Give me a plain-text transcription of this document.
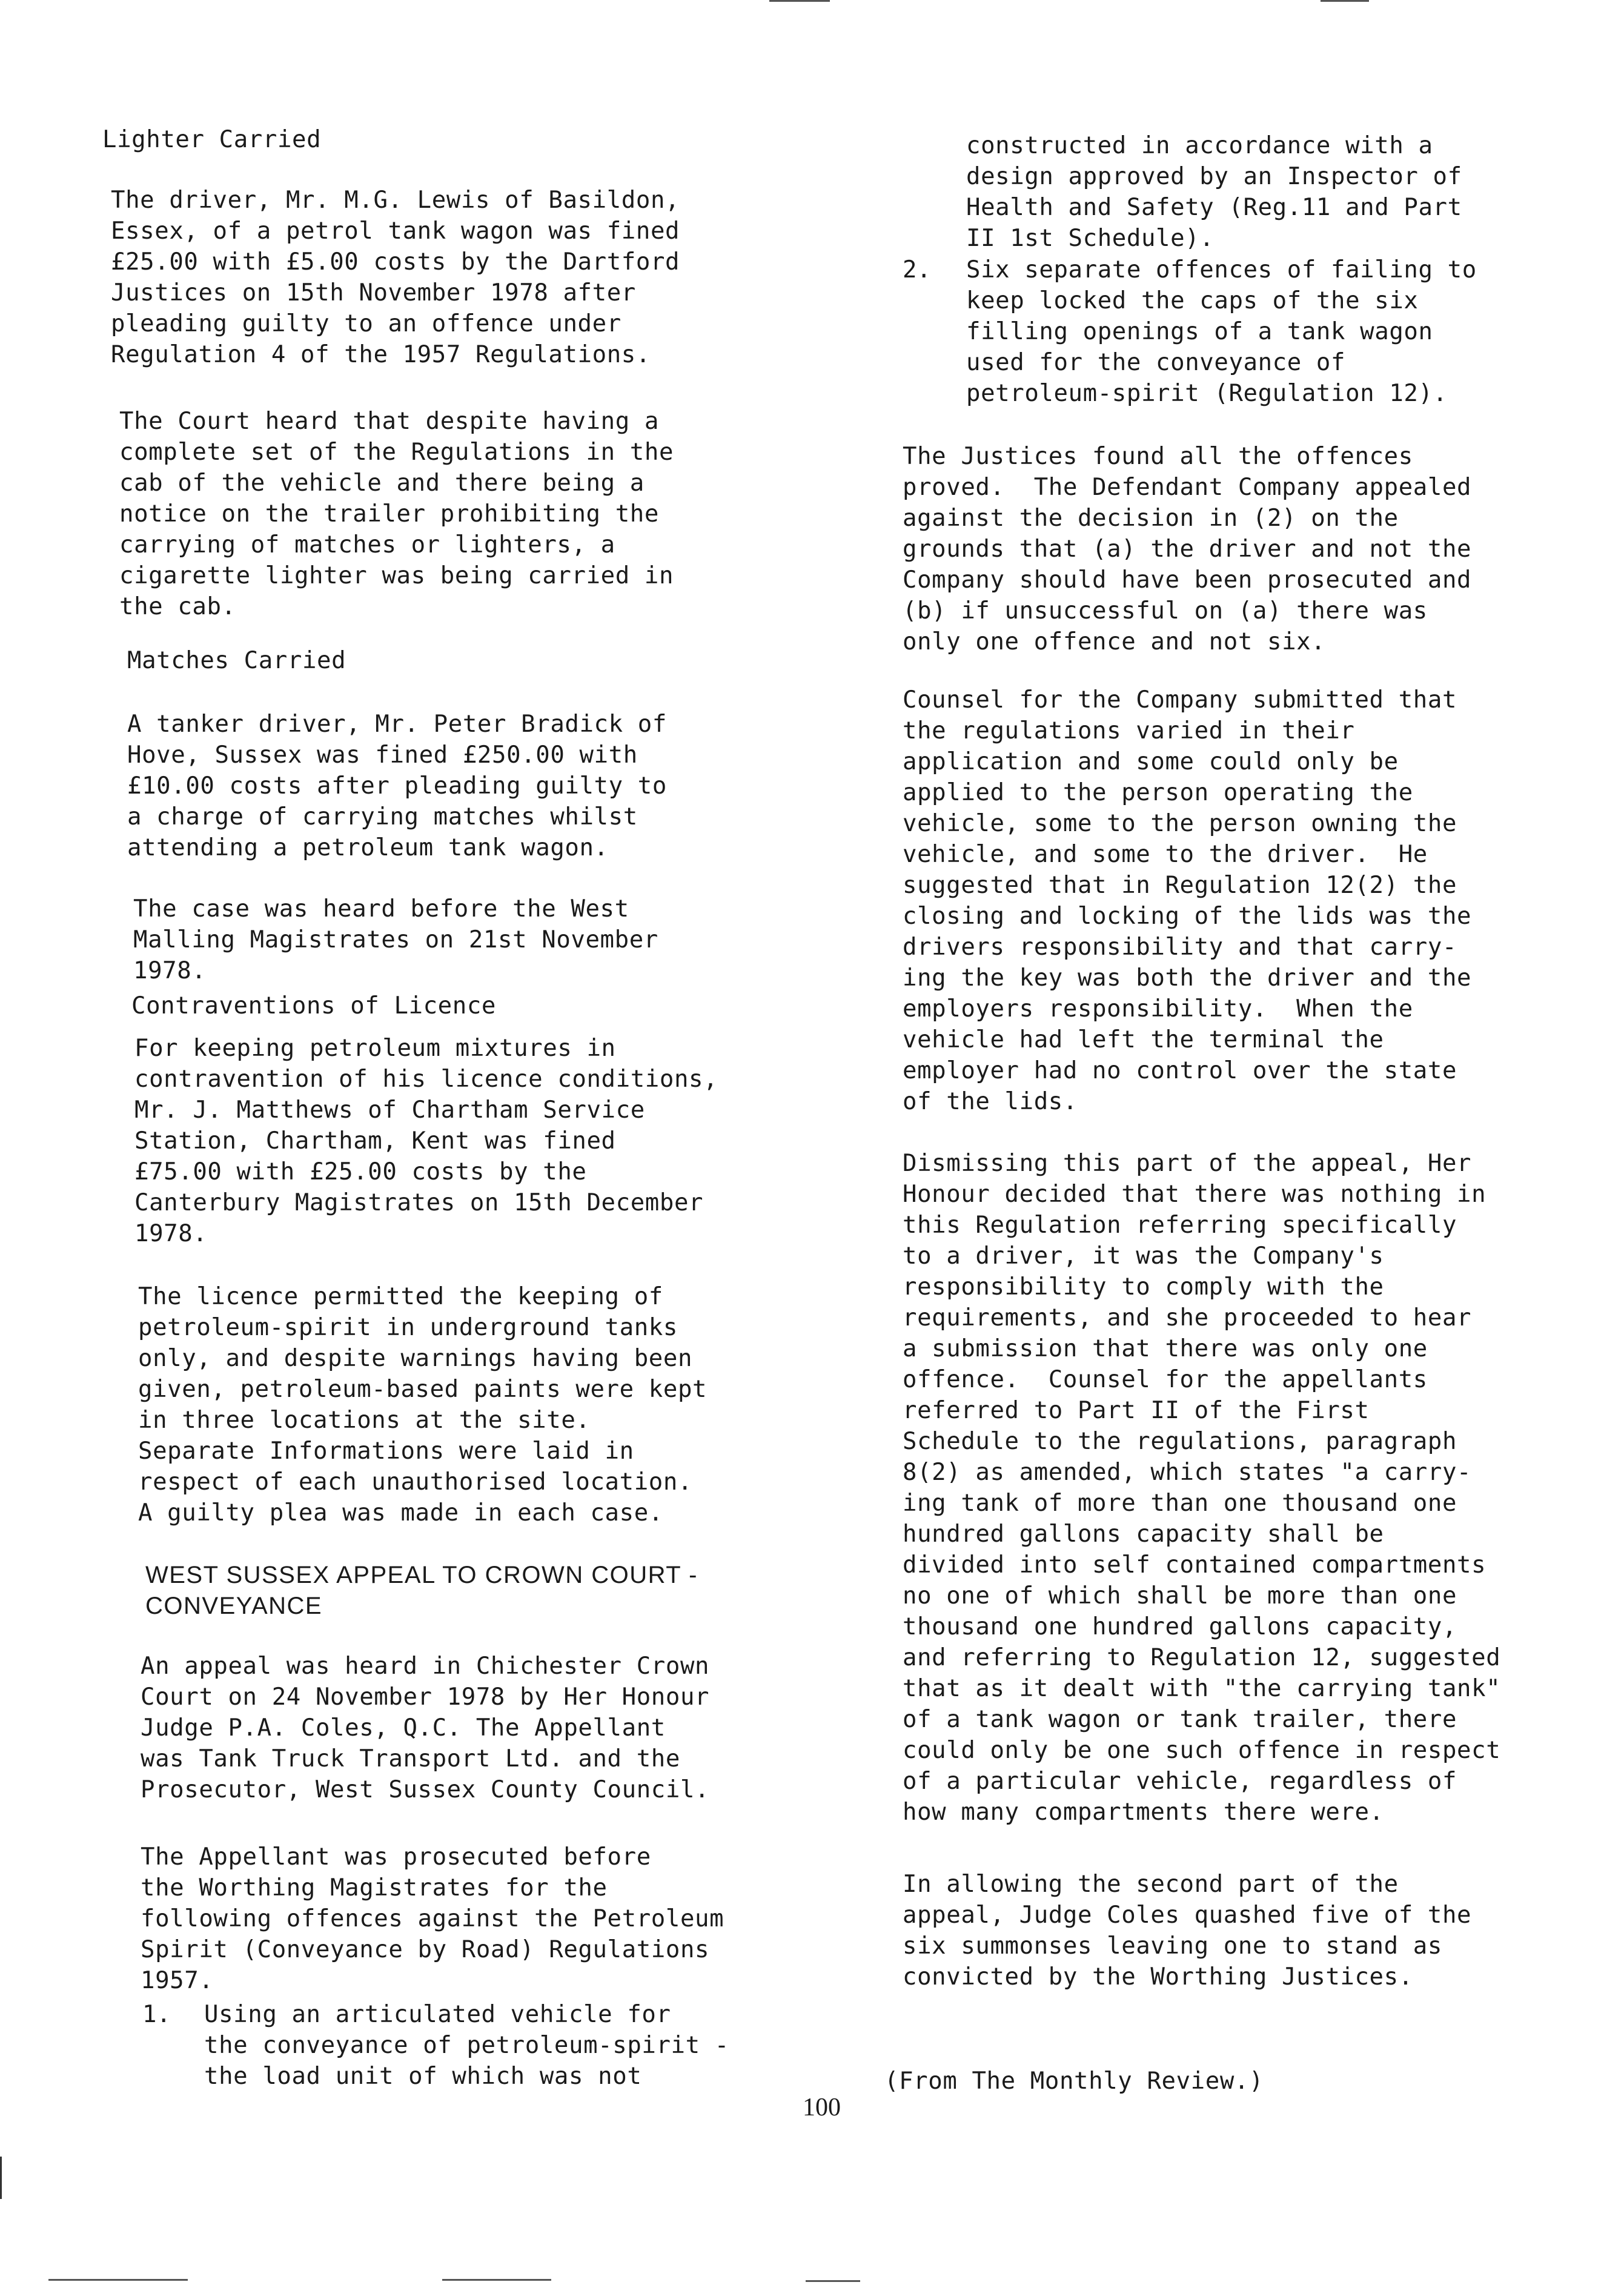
Lighter Carried
The driver, Mr. M.G. Lewis of Basildon,
Essex, of a petrol tank wagon was fined
£25.00 with £5.00 costs by the Dartford
Justices on 15th November 1978 after
pleading guilty to an offence under
Regulation 4 of the 1957 Regulations.
The Court heard that despite having a
complete set of the Regulations in the
cab of the vehicle and there being a
notice on the trailer prohibiting the
carrying of matches or lighters, a
cigarette lighter was being carried in
the cab.
Matches Carried
A tanker driver, Mr. Peter Bradick of
Hove, Sussex was fined £250.00 with
£10.00 costs after pleading guilty to
a charge of carrying matches whilst
attending a petroleum tank wagon.
The case was heard before the West
Malling Magistrates on 21st November
1978.
Contraventions of Licence
For keeping petroleum mixtures in
contravention of his licence conditions,
Mr. J. Matthews of Chartham Service
Station, Chartham, Kent was fined
£75.00 with £25.00 costs by the
Canterbury Magistrates on 15th December
1978.
The licence permitted the keeping of
petroleum-spirit in underground tanks
only, and despite warnings having been
given, petroleum-based paints were kept
in three locations at the site.
Separate Informations were laid in
respect of each unauthorised location.
A guilty plea was made in each case.
WEST SUSSEX APPEAL TO CROWN COURT -
CONVEYANCE
An appeal was heard in Chichester Crown
Court on 24 November 1978 by Her Honour
Judge P.A. Coles, Q.C. The Appellant
was Tank Truck Transport Ltd. and the
Prosecutor, West Sussex County Council.
The Appellant was prosecuted before
the Worthing Magistrates for the
following offences against the Petroleum
Spirit (Conveyance by Road) Regulations
1957.
1. Using an articulated vehicle for
the conveyance of petroleum-spirit -
the load unit of which was not
constructed in accordance with a
design approved by an Inspector of
Health and Safety (Reg.11 and Part
II 1st Schedule).
2. Six separate offences of failing to
keep locked the caps of the six
filling openings of a tank wagon
used for the conveyance of
petroleum-spirit (Regulation 12).
The Justices found all the offences
proved.  The Defendant Company appealed
against the decision in (2) on the
grounds that (a) the driver and not the
Company should have been prosecuted and
(b) if unsuccessful on (a) there was
only one offence and not six.
Counsel for the Company submitted that
the regulations varied in their
application and some could only be
applied to the person operating the
vehicle, some to the person owning the
vehicle, and some to the driver.  He
suggested that in Regulation 12(2) the
closing and locking of the lids was the
drivers responsibility and that carry-
ing the key was both the driver and the
employers responsibility.  When the
vehicle had left the terminal the
employer had no control over the state
of the lids.
Dismissing this part of the appeal, Her
Honour decided that there was nothing in
this Regulation referring specifically
to a driver, it was the Company's
responsibility to comply with the
requirements, and she proceeded to hear
a submission that there was only one
offence.  Counsel for the appellants
referred to Part II of the First
Schedule to the regulations, paragraph
8(2) as amended, which states "a carry-
ing tank of more than one thousand one
hundred gallons capacity shall be
divided into self contained compartments
no one of which shall be more than one
thousand one hundred gallons capacity,
and referring to Regulation 12, suggested
that as it dealt with "the carrying tank"
of a tank wagon or tank trailer, there
could only be one such offence in respect
of a particular vehicle, regardless of
how many compartments there were.
In allowing the second part of the
appeal, Judge Coles quashed five of the
six summonses leaving one to stand as
convicted by the Worthing Justices.
(From The Monthly Review.)
100
